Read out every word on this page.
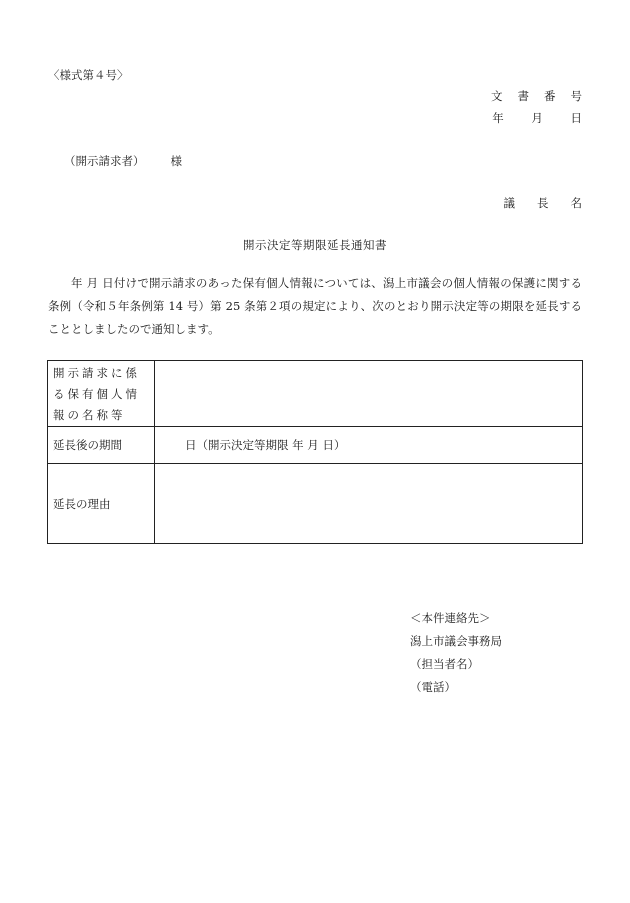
〈様式第４号〉
文書番号
年 月 日
（開示請求者） 様
議長名
開示決定等期限延長通知書
年 月 日付けで開示請求のあった保有個人情報については、潟上市議会の個人情報の保護に関する条例（令和５年条例第 14 号）第 25 条第２項の規定により、次のとおり開示決定等の期限を延長することとしましたので通知します。
開示請求に係る保有個人情報の名称等	
延長後の期間	日（開示決定等期限 年 月 日）
延長の理由	
＜本件連絡先＞
潟上市議会事務局
（担当者名）
（電話）
